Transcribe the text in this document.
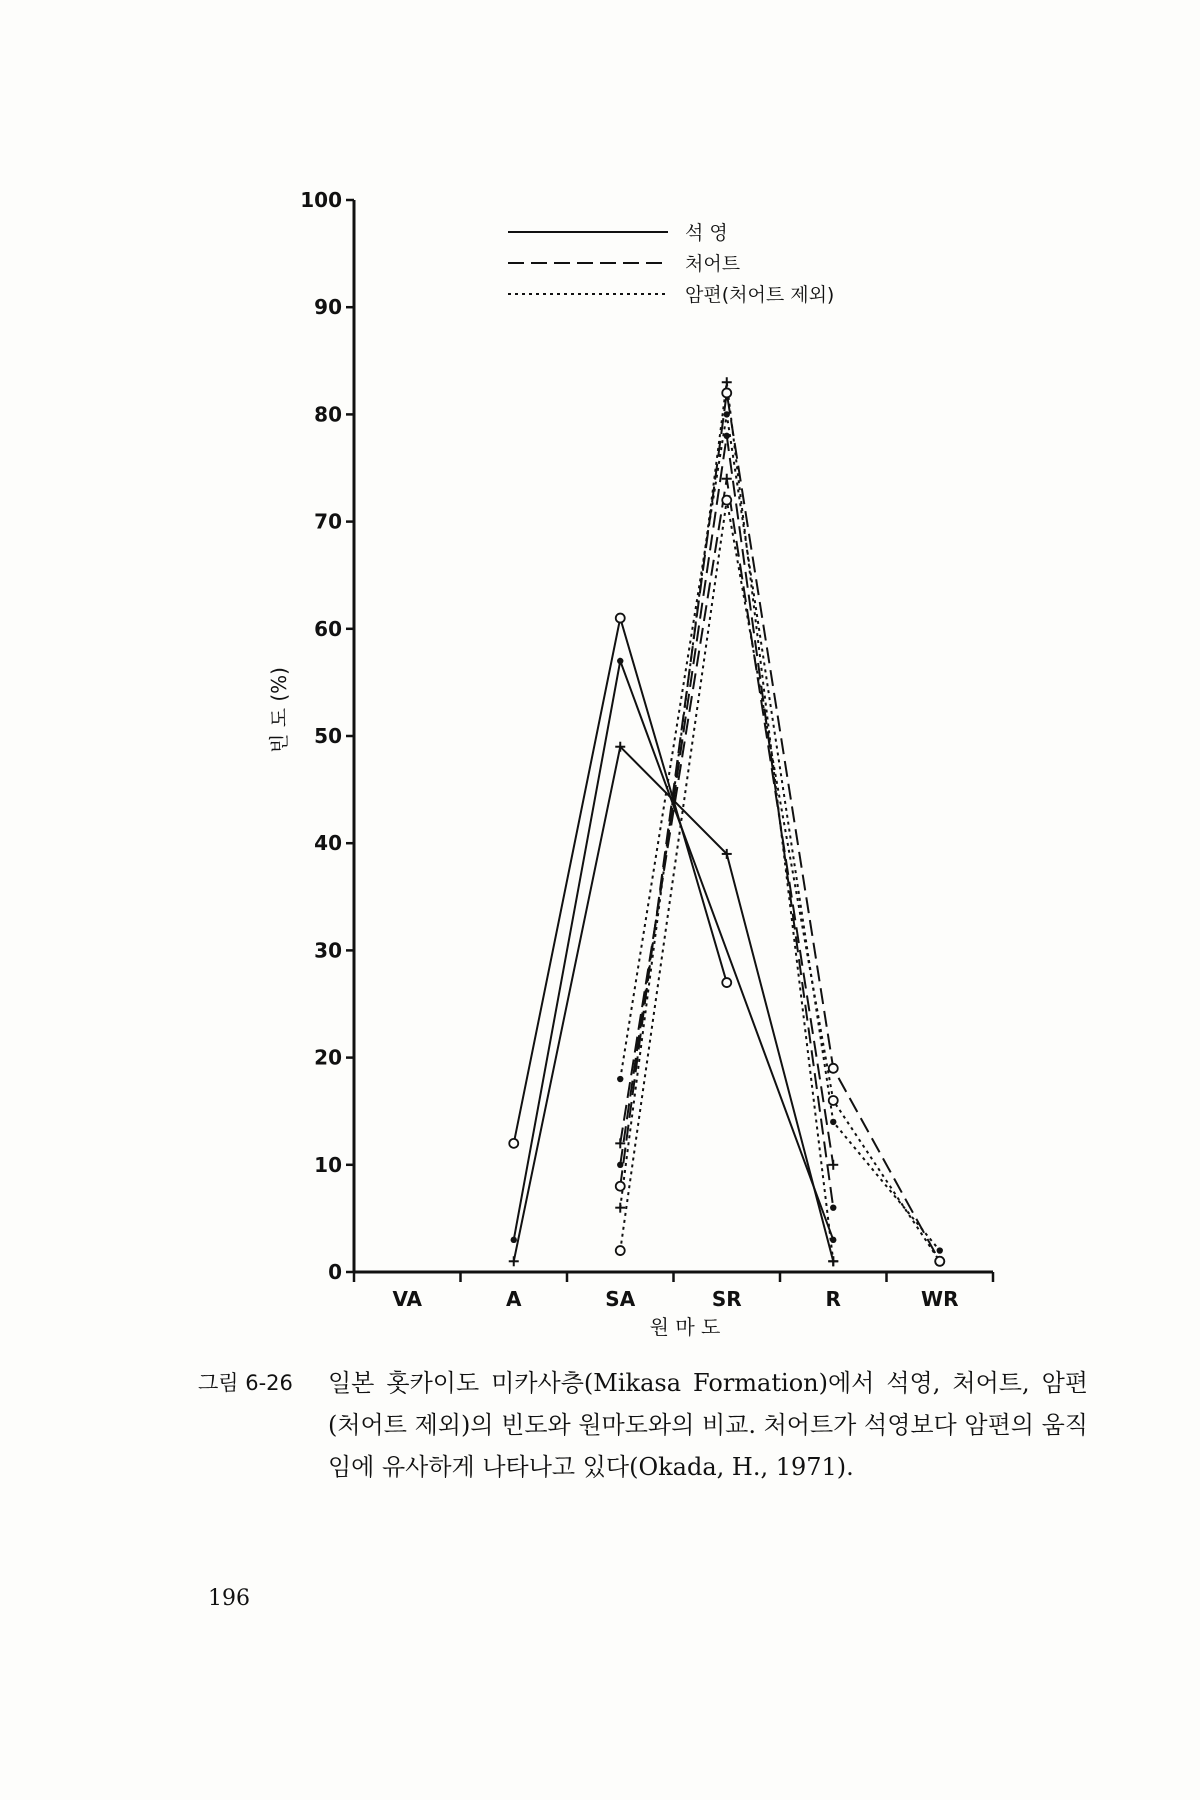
0
10
20
30
40
50
60
70
80
90
100
VA	A	SA	SR	R	WR
석 영
처어트
암편(처어트 제외)
빈 도 (%)
원 마 도
그림 6-26	일본 홋카이도 미카사층(Mikasa Formation)에서 석영, 처어트, 암편(처어트 제외)의 빈도와 원마도와의 비교. 처어트가 석영보다 암편의 움직임에 유사하게 나타나고 있다(Okada, H., 1971).
196
